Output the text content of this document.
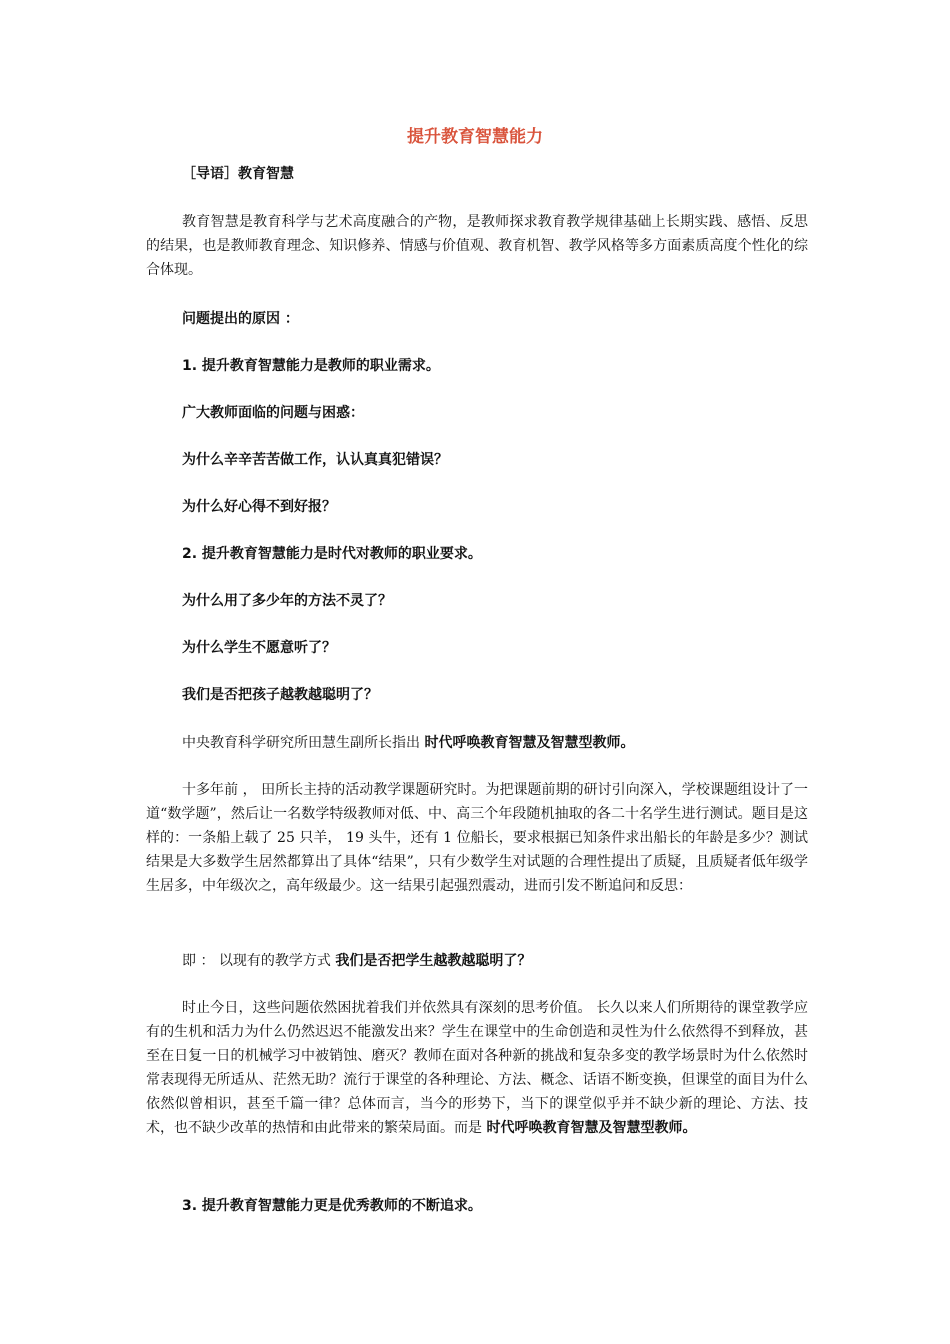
提升教育智慧能力
［导语］教育智慧
教育智慧是教育科学与艺术高度融合的产物，是教师探求教育教学规律基础上长期实践、感悟、反思的结果，也是教师教育理念、知识修养、情感与价值观、教育机智、教学风格等多方面素质高度个性化的综合体现。
问题提出的原因 ：
1. 提升教育智慧能力是教师的职业需求。
广大教师面临的问题与困惑：
为什么辛辛苦苦做工作，认认真真犯错误？
为什么好心得不到好报？
2. 提升教育智慧能力是时代对教师的职业要求。
为什么用了多少年的方法不灵了？
为什么学生不愿意听了？
我们是否把孩子越教越聪明了？
中央教育科学研究所田慧生副所长指出 时代呼唤教育智慧及智慧型教师。
十多年前 ， 田所长主持的活动教学课题研究时。为把课题前期的研讨引向深入，学校课题组设计了一道“数学题”，然后让一名数学特级教师对低、中、高三个年段随机抽取的各二十名学生进行测试。题目是这样的：一条船上载了 25 只羊， 19 头牛，还有 1 位船长，要求根据已知条件求出船长的年龄是多少？测试结果是大多数学生居然都算出了具体“结果”，只有少数学生对试题的合理性提出了质疑，且质疑者低年级学生居多，中年级次之，高年级最少。这一结果引起强烈震动，进而引发不断追问和反思：
即 ： 以现有的教学方式 我们是否把学生越教越聪明了？
时止今日，这些问题依然困扰着我们并依然具有深刻的思考价值。 长久以来人们所期待的课堂教学应有的生机和活力为什么仍然迟迟不能激发出来？学生在课堂中的生命创造和灵性为什么依然得不到释放，甚至在日复一日的机械学习中被销蚀、磨灭？教师在面对各种新的挑战和复杂多变的教学场景时为什么依然时常表现得无所适从、茫然无助？流行于课堂的各种理论、方法、概念、话语不断变换，但课堂的面目为什么依然似曾相识，甚至千篇一律？总体而言，当今的形势下，当下的课堂似乎并不缺少新的理论、方法、技术，也不缺少改革的热情和由此带来的繁荣局面。而是 时代呼唤教育智慧及智慧型教师。
3. 提升教育智慧能力更是优秀教师的不断追求。
